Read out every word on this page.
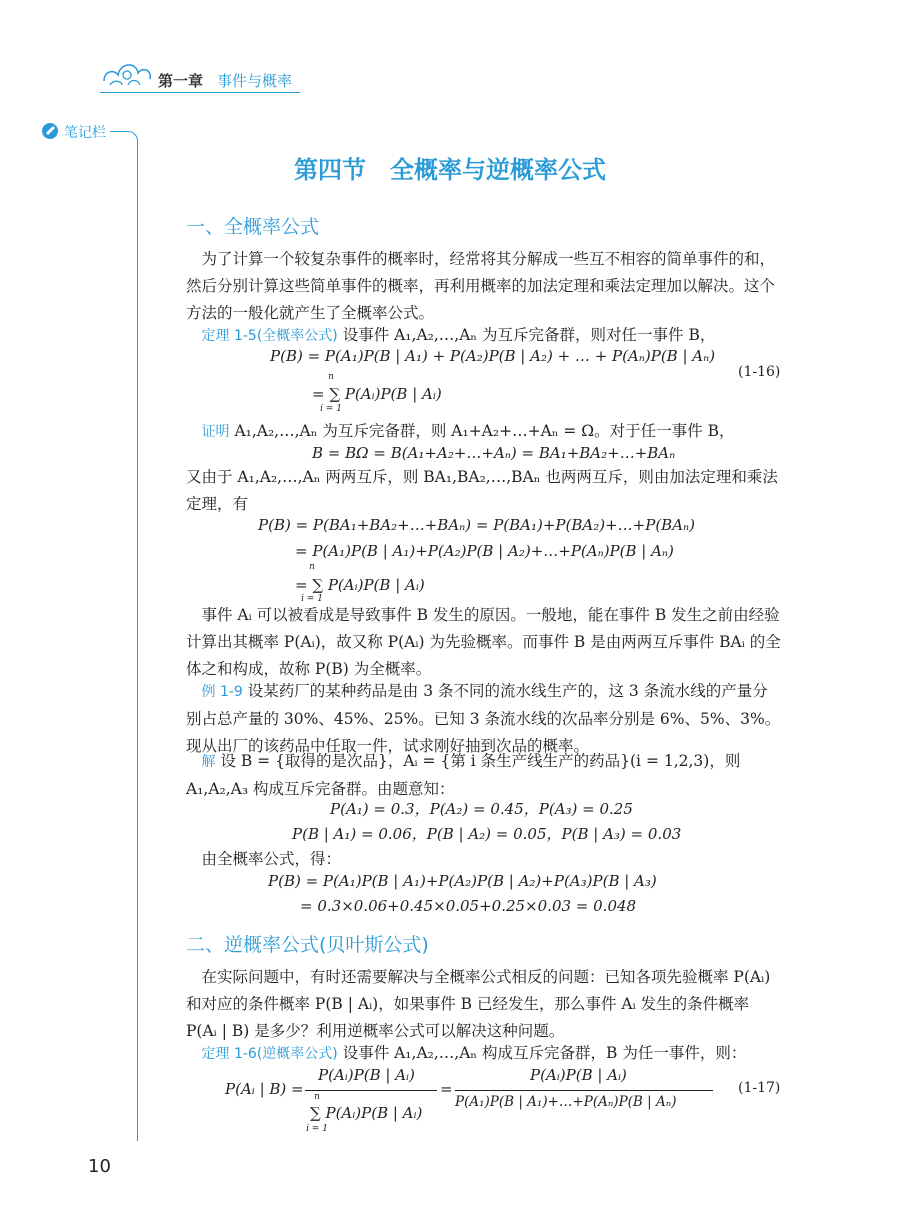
第一章 事件与概率
笔记栏
第四节　全概率与逆概率公式
一、全概率公式
为了计算一个较复杂事件的概率时，经常将其分解成一些互不相容的简单事件的和，然后分别计算这些简单事件的概率，再利用概率的加法定理和乘法定理加以解决。这个方法的一般化就产生了全概率公式。
定理 1-5(全概率公式) 设事件 A₁,A₂,…,Aₙ 为互斥完备群，则对任一事件 B，
P(B) = P(A₁)P(B | A₁) + P(A₂)P(B | A₂) + … + P(Aₙ)P(B | Aₙ)
n
i = 1
= ∑ P(Aᵢ)P(B | Aᵢ)
(1-16)
证明 A₁,A₂,…,Aₙ 为互斥完备群，则 A₁+A₂+…+Aₙ = Ω。对于任一事件 B，
B = BΩ = B(A₁+A₂+…+Aₙ) = BA₁+BA₂+…+BAₙ
又由于 A₁,A₂,…,Aₙ 两两互斥，则 BA₁,BA₂,…,BAₙ 也两两互斥，则由加法定理和乘法定理，有
P(B) = P(BA₁+BA₂+…+BAₙ) = P(BA₁)+P(BA₂)+…+P(BAₙ)
= P(A₁)P(B | A₁)+P(A₂)P(B | A₂)+…+P(Aₙ)P(B | Aₙ)
n
i = 1
= ∑ P(Aᵢ)P(B | Aᵢ)
事件 Aᵢ 可以被看成是导致事件 B 发生的原因。一般地，能在事件 B 发生之前由经验计算出其概率 P(Aᵢ)，故又称 P(Aᵢ) 为先验概率。而事件 B 是由两两互斥事件 BAᵢ 的全体之和构成，故称 P(B) 为全概率。
例 1-9 设某药厂的某种药品是由 3 条不同的流水线生产的，这 3 条流水线的产量分别占总产量的 30%、45%、25%。已知 3 条流水线的次品率分别是 6%、5%、3%。现从出厂的该药品中任取一件，试求刚好抽到次品的概率。
解 设 B = {取得的是次品}，Aᵢ = {第 i 条生产线生产的药品}(i = 1,2,3)，则 A₁,A₂,A₃ 构成互斥完备群。由题意知：
P(A₁) = 0.3，P(A₂) = 0.45，P(A₃) = 0.25
P(B | A₁) = 0.06，P(B | A₂) = 0.05，P(B | A₃) = 0.03
由全概率公式，得：
P(B) = P(A₁)P(B | A₁)+P(A₂)P(B | A₂)+P(A₃)P(B | A₃)
= 0.3×0.06+0.45×0.05+0.25×0.03 = 0.048
二、逆概率公式(贝叶斯公式)
在实际问题中，有时还需要解决与全概率公式相反的问题：已知各项先验概率 P(Aᵢ) 和对应的条件概率 P(B | Aᵢ)，如果事件 B 已经发生，那么事件 Aᵢ 发生的条件概率 P(Aᵢ | B) 是多少？利用逆概率公式可以解决这种问题。
定理 1-6(逆概率公式) 设事件 A₁,A₂,…,Aₙ 构成互斥完备群，B 为任一事件，则：
P(Aᵢ | B) =
P(Aᵢ)P(B | Aᵢ)
n
i = 1
∑ P(Aᵢ)P(B | Aᵢ)
=
P(Aᵢ)P(B | Aᵢ)
P(A₁)P(B | A₁)+…+P(Aₙ)P(B | Aₙ)
(1-17)
10
